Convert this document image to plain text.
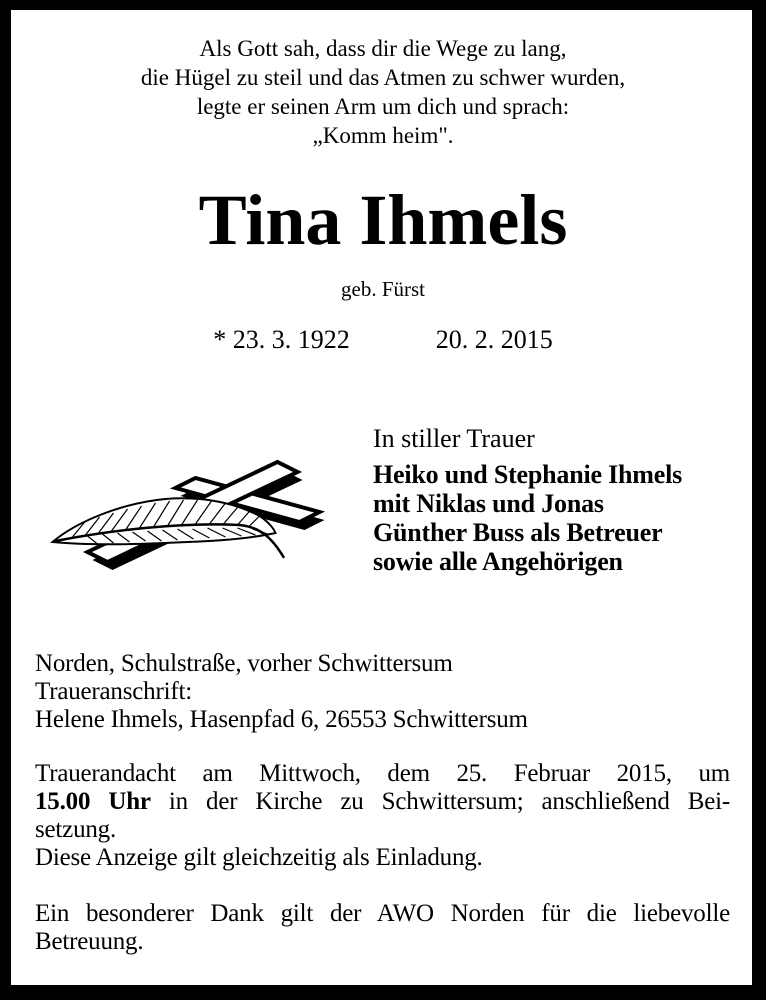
Als Gott sah, dass dir die Wege zu lang,
die Hügel zu steil und das Atmen zu schwer wurden,
legte er seinen Arm um dich und sprach:
„Komm heim".
Tina Ihmels
geb. Fürst
* 23. 3. 1922	20. 2. 2015
In stiller Trauer
Heiko und Stephanie Ihmels
mit Niklas und Jonas
Günther Buss als Betreuer
sowie alle Angehörigen
Norden, Schulstraße, vorher Schwittersum
Traueranschrift:
Helene Ihmels, Hasenpfad 6, 26553 Schwittersum
Trauerandacht am Mittwoch, dem 25. Februar 2015, um
15.00 Uhr in der Kirche zu Schwittersum; anschließend Bei-
setzung.
Diese Anzeige gilt gleichzeitig als Einladung.
Ein besonderer Dank gilt der AWO Norden für die liebevolle
Betreuung.
